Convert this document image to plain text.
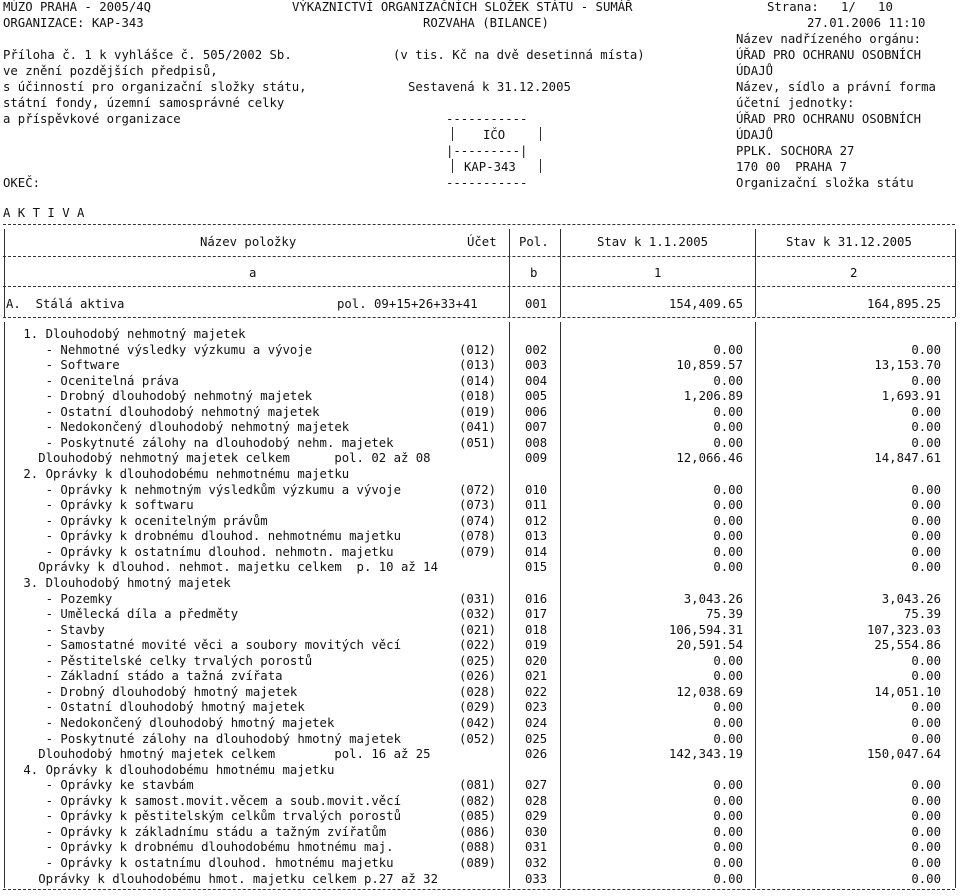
MÚZO PRAHA - 2005/4Q	VÝKAZNICTVÍ ORGANIZAČNÍCH SLOŽEK STÁTU - SUMÁŘ	Strana:   1/   10
ORGANIZACE: KAP-343	ROZVAHA (BILANCE)	27.01.2006 11:10
Název nadřízeného orgánu:
Příloha č. 1 k vyhlášce č. 505/2002 Sb.	(v tis. Kč na dvě desetinná místa)	ÚŘAD PRO OCHRANU OSOBNÍCH
ve znění pozdějších předpisů,	ÚDAJŮ
s účinností pro organizační složky státu,	Sestavená k 31.12.2005	Název, sídlo a právní forma
státní fondy, územní samosprávné celky	účetní jednotky:
a příspěvkové organizace	-----------	ÚŘAD PRO OCHRANU OSOBNÍCH
IČO	ÚDAJŮ
|---------|	PPLK. SOCHORA 27
KAP-343	170 00  PRAHA 7
OKEČ:	-----------	Organizační složka státu
A K T I V A
Název položky	Účet Pol.	Stav k 1.1.2005	Stav k 31.12.2005
a	b	1	2
A.  Stálá aktiva	pol. 09+15+26+33+41	001	154,409.65	164,895.25
1. Dlouhodobý nehmotný majetek
- Nehmotné výsledky výzkumu a vývoje	(012) 002	0.00	0.00
- Software	(013) 003	10,859.57	13,153.70
- Ocenitelná práva	(014) 004	0.00	0.00
- Drobný dlouhodobý nehmotný majetek	(018) 005	1,206.89	1,693.91
- Ostatní dlouhodobý nehmotný majetek	(019) 006	0.00	0.00
- Nedokončený dlouhodobý nehmotný majetek	(041) 007	0.00	0.00
- Poskytnuté zálohy na dlouhodobý nehm. majetek	(051) 008	0.00	0.00
Dlouhodobý nehmotný majetek celkem      pol. 02 až 08	009	12,066.46	14,847.61
2. Oprávky k dlouhodobému nehmotnému majetku
- Oprávky k nehmotným výsledkům výzkumu a vývoje	(072) 010	0.00	0.00
- Oprávky k softwaru	(073) 011	0.00	0.00
- Oprávky k ocenitelným právům	(074) 012	0.00	0.00
- Oprávky k drobnému dlouhod. nehmotnému majetku	(078) 013	0.00	0.00
- Oprávky k ostatnímu dlouhod. nehmotn. majetku	(079) 014	0.00	0.00
Oprávky k dlouhod. nehmot. majetku celkem  p. 10 až 14	015	0.00	0.00
3. Dlouhodobý hmotný majetek
- Pozemky	(031) 016	3,043.26	3,043.26
- Umělecká díla a předměty	(032) 017	75.39	75.39
- Stavby	(021) 018	106,594.31	107,323.03
- Samostatné movité věci a soubory movitých věcí	(022) 019	20,591.54	25,554.86
- Pěstitelské celky trvalých porostů	(025) 020	0.00	0.00
- Základní stádo a tažná zvířata	(026) 021	0.00	0.00
- Drobný dlouhodobý hmotný majetek	(028) 022	12,038.69	14,051.10
- Ostatní dlouhodobý hmotný majetek	(029) 023	0.00	0.00
- Nedokončený dlouhodobý hmotný majetek	(042) 024	0.00	0.00
- Poskytnuté zálohy na dlouhodobý hmotný majetek	(052) 025	0.00	0.00
Dlouhodobý hmotný majetek celkem        pol. 16 až 25	026	142,343.19	150,047.64
4. Oprávky k dlouhodobému hmotnému majetku
- Oprávky ke stavbám	(081) 027	0.00	0.00
- Oprávky k samost.movit.věcem a soub.movit.věcí	(082) 028	0.00	0.00
- Oprávky k pěstitelským celkům trvalých porostů	(085) 029	0.00	0.00
- Oprávky k základnímu stádu a tažným zvířatům	(086) 030	0.00	0.00
- Oprávky k drobnému dlouhodobému hmotnému maj.	(088) 031	0.00	0.00
- Oprávky k ostatnímu dlouhod. hmotnému majetku	(089) 032	0.00	0.00
Oprávky k dlouhodobému hmot. majetku celkem p.27 až 32	033	0.00	0.00
